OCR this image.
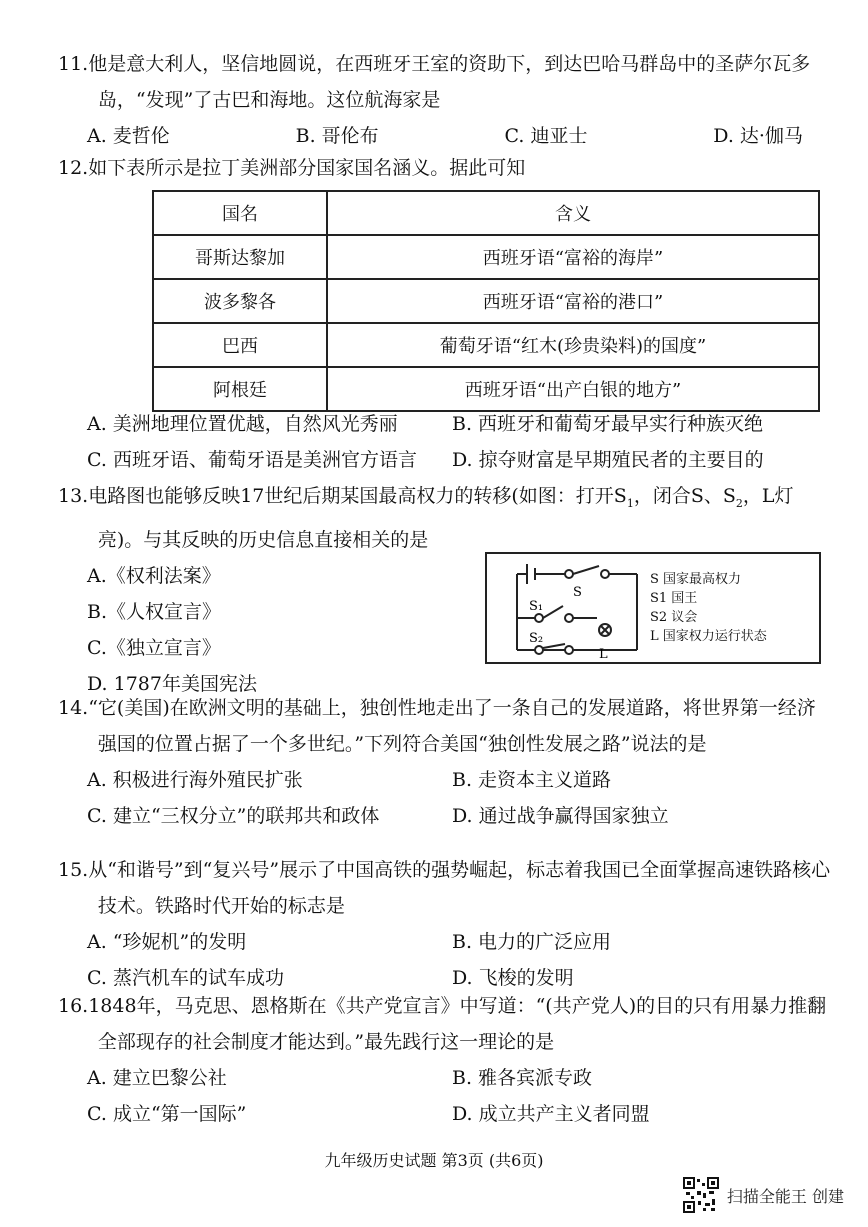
11.他是意大利人，坚信地圆说，在西班牙王室的资助下，到达巴哈马群岛中的圣萨尔瓦多岛，“发现”了古巴和海地。这位航海家是
A. 麦哲伦	B. 哥伦布	C. 迪亚士	D. 达·伽马
12.如下表所示是拉丁美洲部分国家国名涵义。据此可知
国名	含义
哥斯达黎加	西班牙语“富裕的海岸”
波多黎各	西班牙语“富裕的港口”
巴西	葡萄牙语“红木(珍贵染料)的国度”
阿根廷	西班牙语“出产白银的地方”
A. 美洲地理位置优越，自然风光秀丽	B. 西班牙和葡萄牙最早实行种族灭绝
C. 西班牙语、葡萄牙语是美洲官方语言	D. 掠夺财富是早期殖民者的主要目的
13.电路图也能够反映17世纪后期某国最高权力的转移(如图：打开$S_1$，闭合S、$S_2$，L灯亮)。与其反映的历史信息直接相关的是
A.《权利法案》
B.《人权宣言》
C.《独立宣言》
D. 1787年美国宪法
S
S₁
S₂
L
S 国家最高权力
S1 国王
S2 议会
L 国家权力运行状态
14.“它(美国)在欧洲文明的基础上，独创性地走出了一条自己的发展道路，将世界第一经济强国的位置占据了一个多世纪。”下列符合美国“独创性发展之路”说法的是
A. 积极进行海外殖民扩张	B. 走资本主义道路
C. 建立“三权分立”的联邦共和政体	D. 通过战争赢得国家独立
15.从“和谐号”到“复兴号”展示了中国高铁的强势崛起，标志着我国已全面掌握高速铁路核心技术。铁路时代开始的标志是
A. “珍妮机”的发明	B. 电力的广泛应用
C. 蒸汽机车的试车成功	D. 飞梭的发明
16.1848年，马克思、恩格斯在《共产党宣言》中写道：“(共产党人)的目的只有用暴力推翻全部现存的社会制度才能达到。”最先践行这一理论的是
A. 建立巴黎公社	B. 雅各宾派专政
C. 成立“第一国际”	D. 成立共产主义者同盟
九年级历史试题 第3页 (共6页)
扫描全能王 创建
